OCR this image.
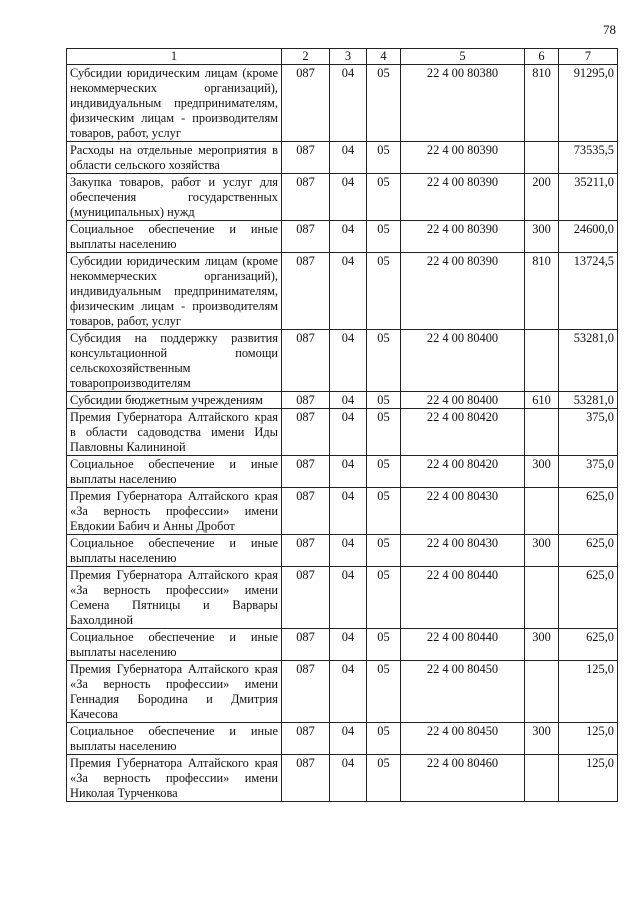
78
1	2	3	4	5	6	7
Субсидии юридическим лицам (кроме некоммерческих организаций), индивидуальным предпринимателям, физическим лицам - производителям товаров, работ, услуг	087	04	05	22 4 00 80380	810	91295,0
Расходы на отдельные мероприятия в области сельского хозяйства	087	04	05	22 4 00 80390		73535,5
Закупка товаров, работ и услуг для обеспечения государственных (муниципальных) нужд	087	04	05	22 4 00 80390	200	35211,0
Социальное обеспечение и иные выплаты населению	087	04	05	22 4 00 80390	300	24600,0
Субсидии юридическим лицам (кроме некоммерческих организаций), индивидуальным предпринимателям, физическим лицам - производителям товаров, работ, услуг	087	04	05	22 4 00 80390	810	13724,5
Субсидия на поддержку развития консультационной помощи сельскохозяйственным товаропроизводителям	087	04	05	22 4 00 80400		53281,0
Субсидии бюджетным учреждениям	087	04	05	22 4 00 80400	610	53281,0
Премия Губернатора Алтайского края в области садоводства имени Иды Павловны Калининой	087	04	05	22 4 00 80420		375,0
Социальное обеспечение и иные выплаты населению	087	04	05	22 4 00 80420	300	375,0
Премия Губернатора Алтайского края «За верность профессии» имени Евдокии Бабич и Анны Дробот	087	04	05	22 4 00 80430		625,0
Социальное обеспечение и иные выплаты населению	087	04	05	22 4 00 80430	300	625,0
Премия Губернатора Алтайского края «За верность профессии» имени Семена Пятницы и Варвары Бахолдиной	087	04	05	22 4 00 80440		625,0
Социальное обеспечение и иные выплаты населению	087	04	05	22 4 00 80440	300	625,0
Премия Губернатора Алтайского края «За верность профессии» имени Геннадия Бородина и Дмитрия Качесова	087	04	05	22 4 00 80450		125,0
Социальное обеспечение и иные выплаты населению	087	04	05	22 4 00 80450	300	125,0
Премия Губернатора Алтайского края «За верность профессии» имени Николая Турченкова	087	04	05	22 4 00 80460		125,0
